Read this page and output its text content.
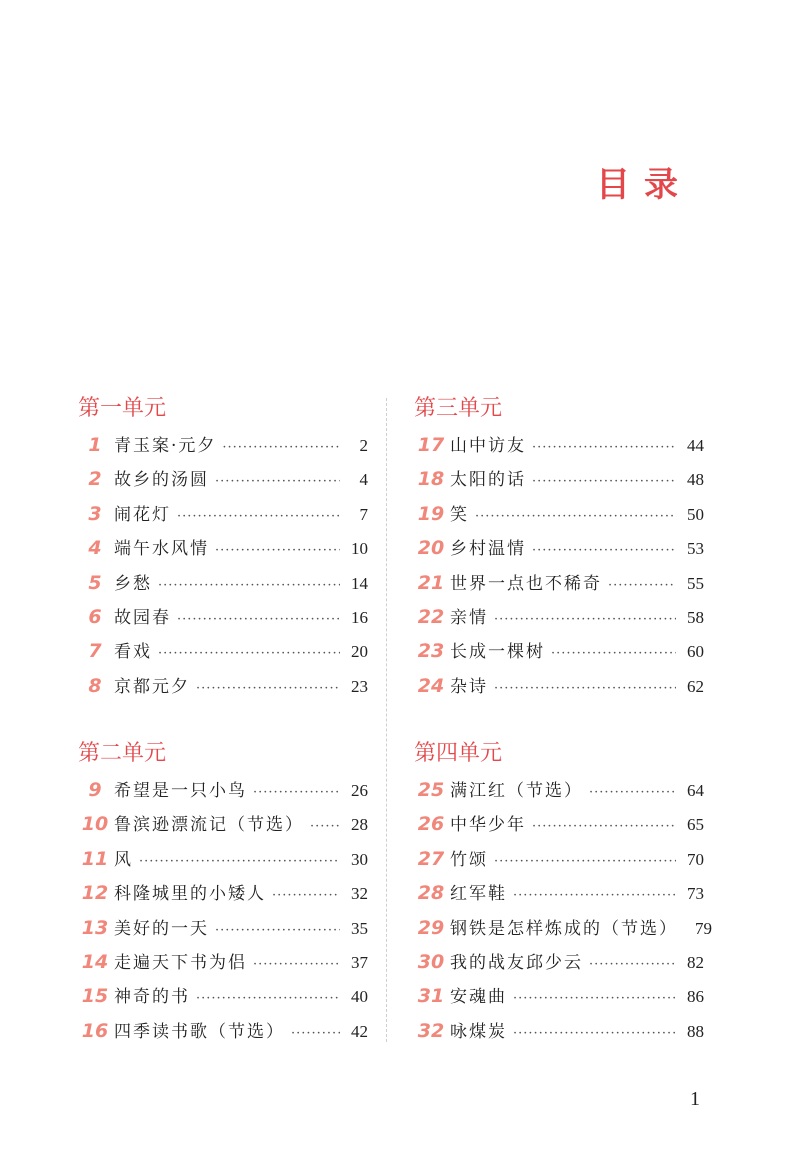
目录
第一单元
1 青玉案·元夕 ·····	2
2 故乡的汤圆 ·····	4
3 闹花灯 ·····	7
4 端午水风情 ·····	10
5 乡愁 ·····	14
6 故园春 ·····	16
7 看戏 ·····	20
8 京都元夕 ·····	23
第二单元
9 希望是一只小鸟 ·····	26
10 鲁滨逊漂流记（节选） ·····	28
11 风 ·····	30
12 科隆城里的小矮人 ·····	32
13 美好的一天 ·····	35
14 走遍天下书为侣 ·····	37
15 神奇的书 ·····	40
16 四季读书歌（节选） ·····	42
第三单元
17 山中访友 ·····	44
18 太阳的话 ·····	48
19 笑 ·····	50
20 乡村温情 ·····	53
21 世界一点也不稀奇 ·····	55
22 亲情 ·····	58
23 长成一棵树 ·····	60
24 杂诗 ·····	62
第四单元
25 满江红（节选） ·····	64
26 中华少年 ·····	65
27 竹颂 ·····	70
28 红军鞋 ·····	73
29 钢铁是怎样炼成的（节选） 79
30 我的战友邱少云 ·····	82
31 安魂曲 ·····	86
32 咏煤炭 ·····	88
1
